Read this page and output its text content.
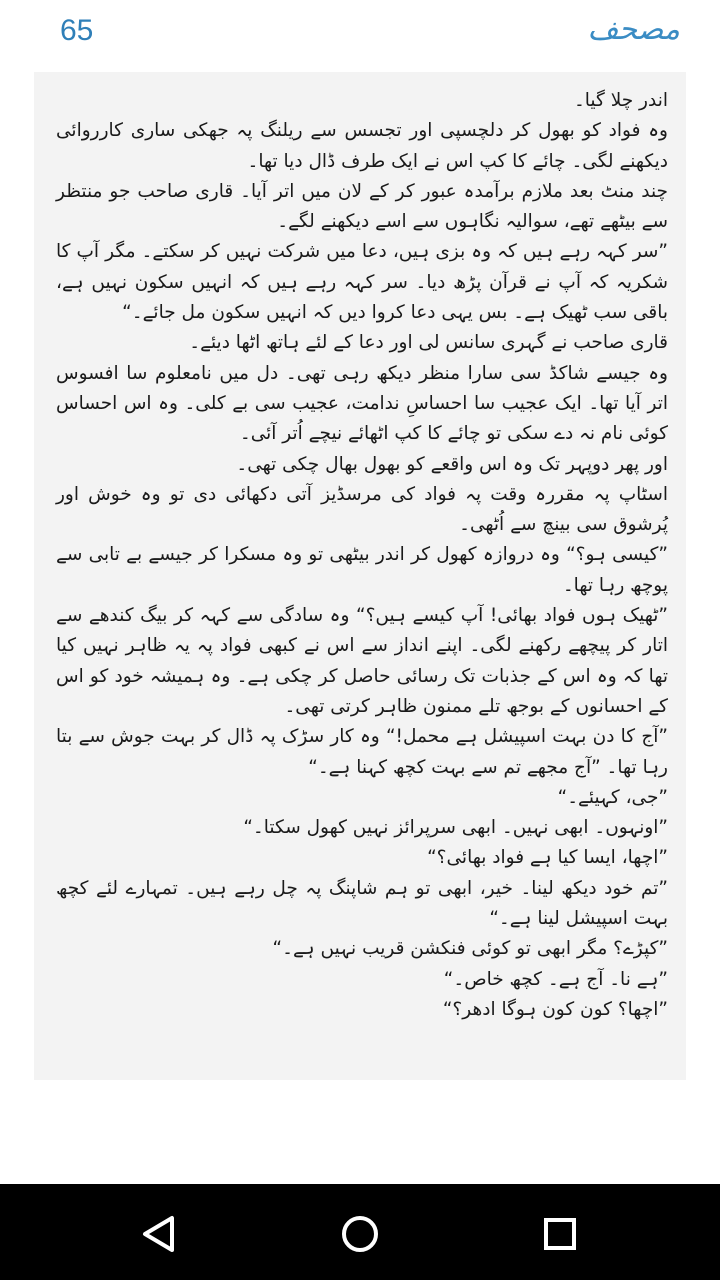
65	مصحف

اندر چلا گیا۔

وہ فواد کو بھول کر دلچسپی اور تجسس سے ریلنگ پہ جھکی ساری کارروائی دیکھنے لگی۔ چائے کا کپ اس نے ایک طرف ڈال دیا تھا۔

چند منٹ بعد ملازم برآمدہ عبور کر کے لان میں اتر آیا۔ قاری صاحب جو منتظر سے بیٹھے تھے، سوالیہ نگاہوں سے اسے دیکھنے لگے۔

”سر کہہ رہے ہیں کہ وہ بزی ہیں، دعا میں شرکت نہیں کر سکتے۔ مگر آپ کا شکریہ کہ آپ نے قرآن پڑھ دیا۔ سر کہہ رہے ہیں کہ انہیں سکون نہیں ہے، باقی سب ٹھیک ہے۔ بس یہی دعا کروا دیں کہ انہیں سکون مل جائے۔“

قاری صاحب نے گہری سانس لی اور دعا کے لئے ہاتھ اٹھا دیئے۔

وہ جیسے شاکڈ سی سارا منظر دیکھ رہی تھی۔ دل میں نامعلوم سا افسوس اتر آیا تھا۔ ایک عجیب سا احساسِ ندامت، عجیب سی بے کلی۔ وہ اس احساس کوئی نام نہ دے سکی تو چائے کا کپ اٹھائے نیچے اُتر آئی۔

اور پھر دوپہر تک وہ اس واقعے کو بھول بھال چکی تھی۔

اسٹاپ پہ مقررہ وقت پہ فواد کی مرسڈیز آتی دکھائی دی تو وہ خوش اور پُرشوق سی بینچ سے اُٹھی۔

”کیسی ہو؟“ وہ دروازہ کھول کر اندر بیٹھی تو وہ مسکرا کر جیسے بے تابی سے پوچھ رہا تھا۔

”ٹھیک ہوں فواد بھائی! آپ کیسے ہیں؟“ وہ سادگی سے کہہ کر بیگ کندھے سے اتار کر پیچھے رکھنے لگی۔ اپنے انداز سے اس نے کبھی فواد پہ یہ ظاہر نہیں کیا تھا کہ وہ اس کے جذبات تک رسائی حاصل کر چکی ہے۔ وہ ہمیشہ خود کو اس کے احسانوں کے بوجھ تلے ممنون ظاہر کرتی تھی۔

”آج کا دن بہت اسپیشل ہے محمل!“ وہ کار سڑک پہ ڈال کر بہت جوش سے بتا رہا تھا۔ ”آج مجھے تم سے بہت کچھ کہنا ہے۔“

”جی، کہیئے۔“

”اونہوں۔ ابھی نہیں۔ ابھی سرپرائز نہیں کھول سکتا۔“

”اچھا، ایسا کیا ہے فواد بھائی؟“

”تم خود دیکھ لینا۔ خیر، ابھی تو ہم شاپنگ پہ چل رہے ہیں۔ تمہارے لئے کچھ بہت اسپیشل لینا ہے۔“

”کپڑے؟ مگر ابھی تو کوئی فنکشن قریب نہیں ہے۔“

”ہے نا۔ آج ہے۔ کچھ خاص۔“

”اچھا؟ کون کون ہوگا ادھر؟“
